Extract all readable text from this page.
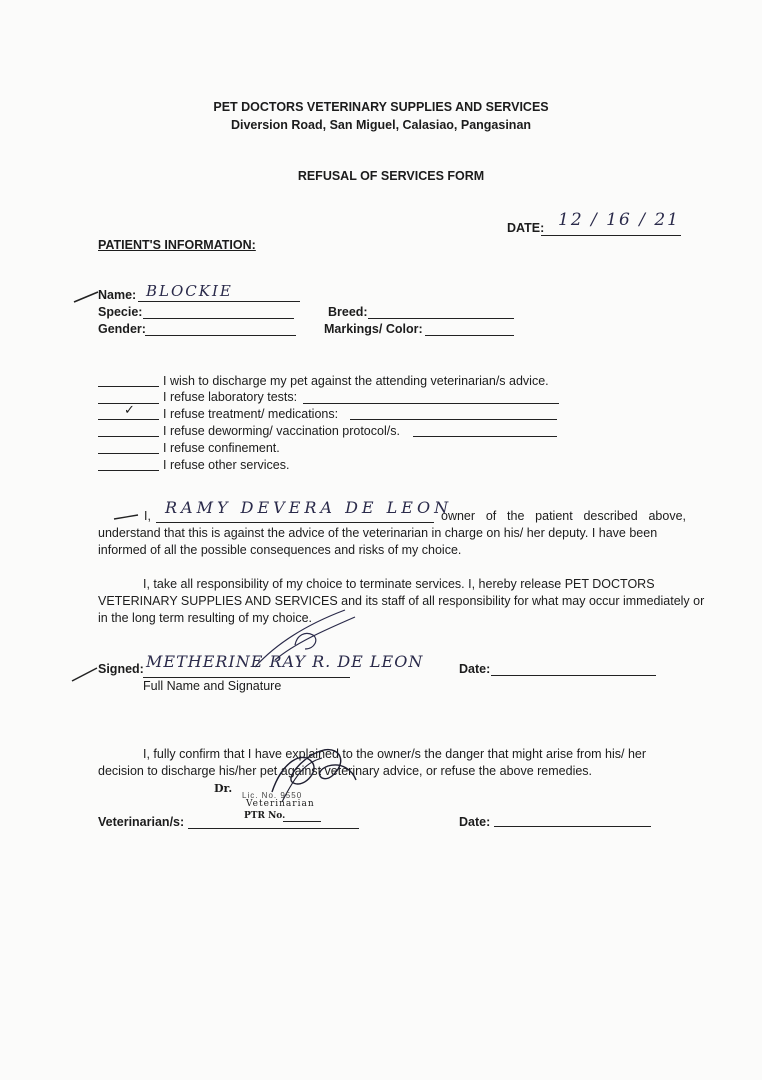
PET DOCTORS VETERINARY SUPPLIES AND SERVICES
Diversion Road, San Miguel, Calasiao, Pangasinan
REFUSAL OF SERVICES FORM
DATE: 12 / 16 / 21
PATIENT'S INFORMATION:
Name: BLOCKIE
Specie:	Breed:
Gender:	Markings/ Color:
I wish to discharge my pet against the attending veterinarian/s advice.
I refuse laboratory tests:
✓ I refuse treatment/ medications:
I refuse deworming/ vaccination protocol/s.
I refuse confinement.
I refuse other services.
I, RAMY DEVERA DE LEON
owner of the patient described above,
understand that this is against the advice of the veterinarian in charge on his/ her deputy. I have been
informed of all the possible consequences and risks of my choice.
I, take all responsibility of my choice to terminate services. I, hereby release PET DOCTORS
VETERINARY SUPPLIES AND SERVICES and its staff of all responsibility for what may occur immediately or
in the long term resulting of my choice.
Signed: METHERINE RAY R. DE LEON
Full Name and Signature
Date:
I, fully confirm that I have explained to the owner/s the danger that might arise from his/ her
decision to discharge his/her pet against veterinary advice, or refuse the above remedies.
Dr.
Lic. No. 9550
Veterinarian
PTR No.
Veterinarian/s:	Date:
